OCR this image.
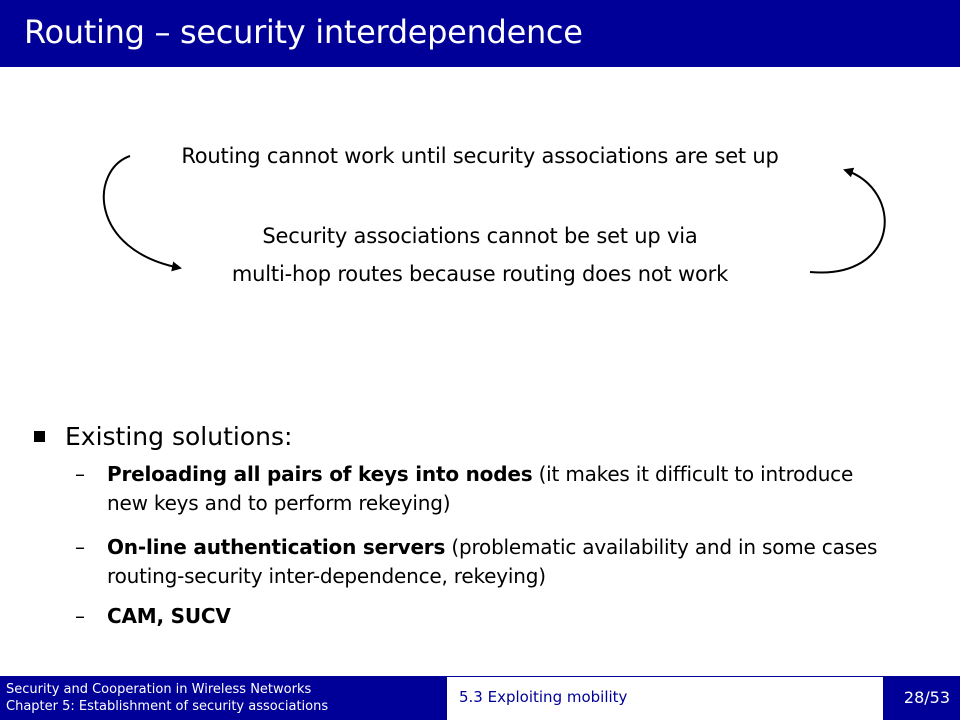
Routing – security interdependence
Routing cannot work until security associations are set up
Security associations cannot be set up via
multi-hop routes because routing does not work
Existing solutions:
– Preloading all pairs of keys into nodes (it makes it difficult to introduce new keys and to perform rekeying)
– On-line authentication servers (problematic availability and in some cases routing-security inter-dependence, rekeying)
– CAM, SUCV
Security and Cooperation in Wireless Networks
Chapter 5: Establishment of security associations
5.3 Exploiting mobility	28/53
